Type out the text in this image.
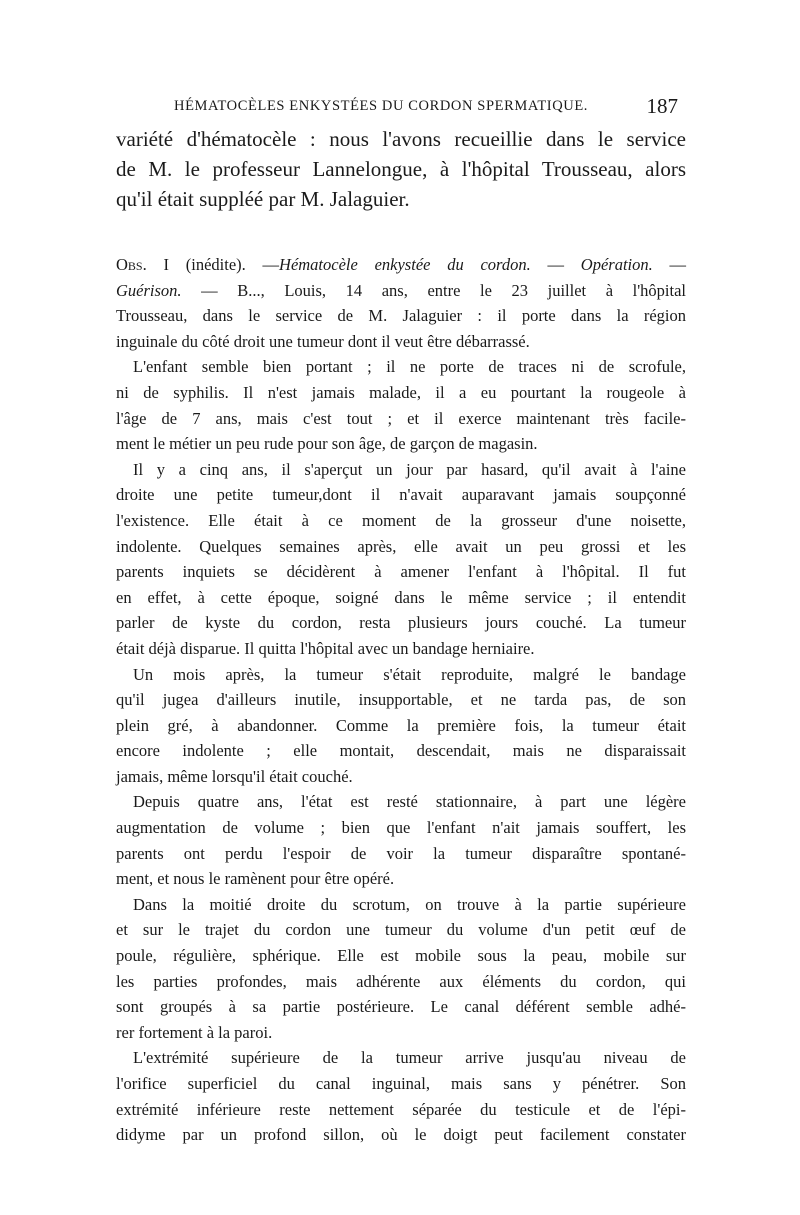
HÉMATOCÈLES ENKYSTÉES DU CORDON SPERMATIQUE.	187

variété d'hématocèle : nous l'avons recueillie dans le service
de M. le professeur Lannelongue, à l'hôpital Trousseau, alors
qu'il était suppléé par M. Jalaguier.

Obs. I (inédite). —Hématocèle enkystée du cordon. — Opération. —
Guérison. — B..., Louis, 14 ans, entre le 23 juillet à l'hôpital
Trousseau, dans le service de M. Jalaguier : il porte dans la région
inguinale du côté droit une tumeur dont il veut être débarrassé.

L'enfant semble bien portant ; il ne porte de traces ni de scrofule,
ni de syphilis. Il n'est jamais malade, il a eu pourtant la rougeole à
l'âge de 7 ans, mais c'est tout ; et il exerce maintenant très facile-
ment le métier un peu rude pour son âge, de garçon de magasin.

Il y a cinq ans, il s'aperçut un jour par hasard, qu'il avait à l'aine
droite une petite tumeur,dont il n'avait auparavant jamais soupçonné
l'existence. Elle était à ce moment de la grosseur d'une noisette,
indolente. Quelques semaines après, elle avait un peu grossi et les
parents inquiets se décidèrent à amener l'enfant à l'hôpital. Il fut
en effet, à cette époque, soigné dans le même service ; il entendit
parler de kyste du cordon, resta plusieurs jours couché. La tumeur
était déjà disparue. Il quitta l'hôpital avec un bandage herniaire.

Un mois après, la tumeur s'était reproduite, malgré le bandage
qu'il jugea d'ailleurs inutile, insupportable, et ne tarda pas, de son
plein gré, à abandonner. Comme la première fois, la tumeur était
encore indolente ; elle montait, descendait, mais ne disparaissait
jamais, même lorsqu'il était couché.

Depuis quatre ans, l'état est resté stationnaire, à part une légère
augmentation de volume ; bien que l'enfant n'ait jamais souffert, les
parents ont perdu l'espoir de voir la tumeur disparaître spontané-
ment, et nous le ramènent pour être opéré.

Dans la moitié droite du scrotum, on trouve à la partie supérieure
et sur le trajet du cordon une tumeur du volume d'un petit œuf de
poule, régulière, sphérique. Elle est mobile sous la peau, mobile sur
les parties profondes, mais adhérente aux éléments du cordon, qui
sont groupés à sa partie postérieure. Le canal déférent semble adhé-
rer fortement à la paroi.

L'extrémité supérieure de la tumeur arrive jusqu'au niveau de
l'orifice superficiel du canal inguinal, mais sans y pénétrer. Son
extrémité inférieure reste nettement séparée du testicule et de l'épi-
didyme par un profond sillon, où le doigt peut facilement constater
